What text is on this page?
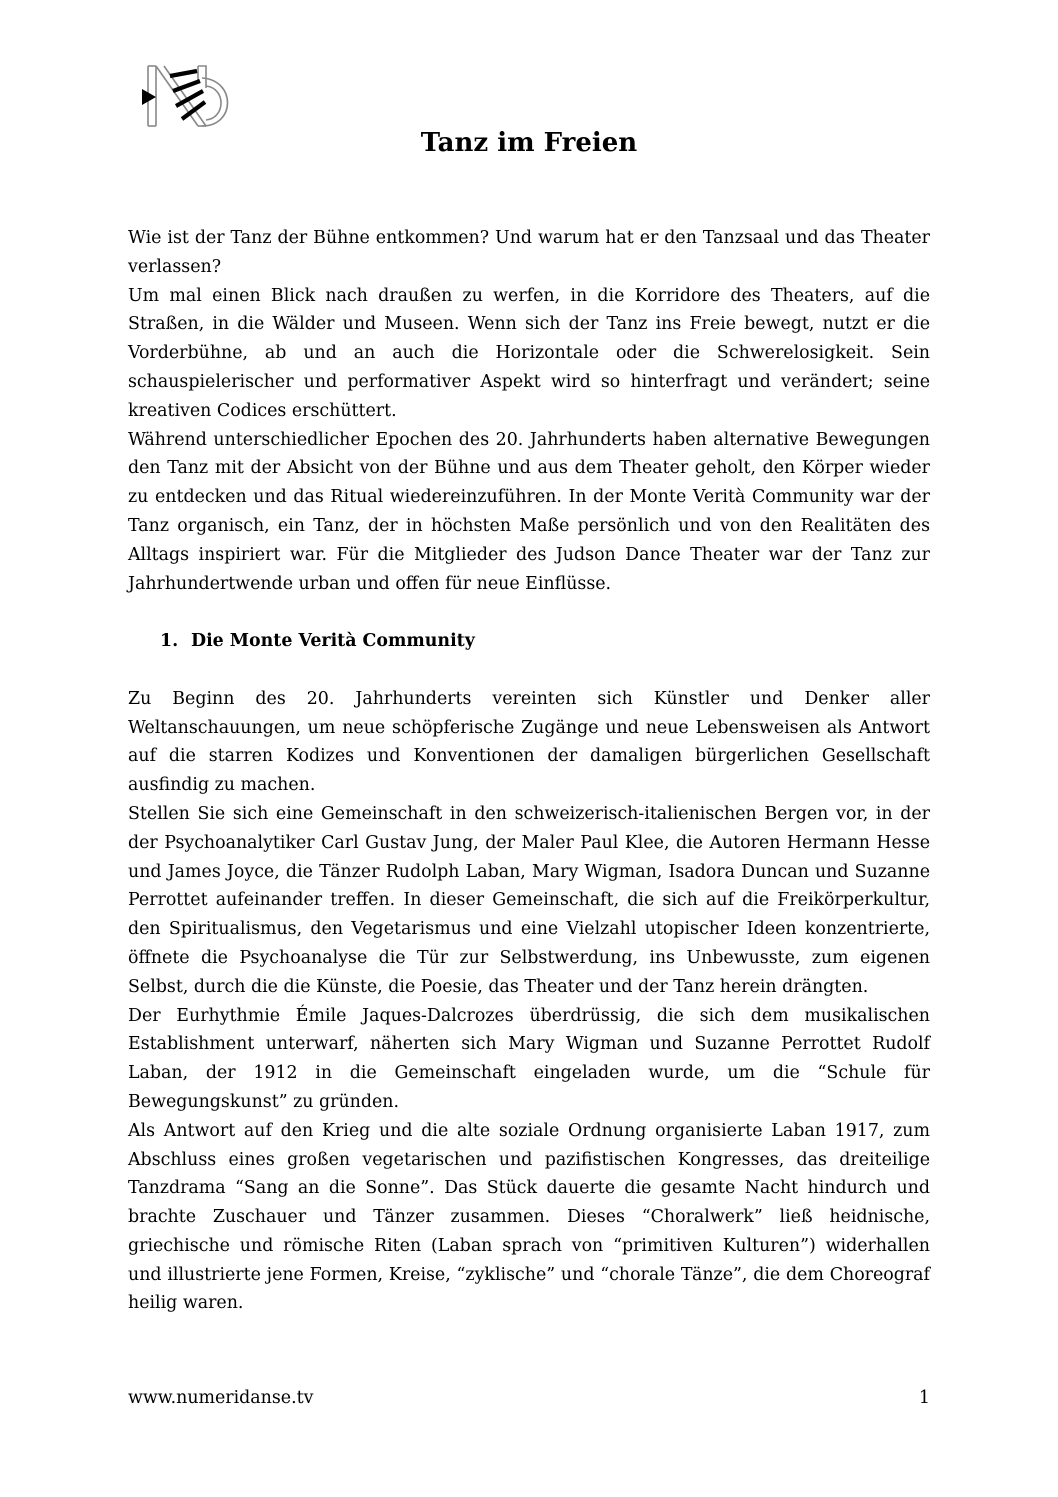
Tanz im Freien

Wie ist der Tanz der Bühne entkommen? Und warum hat er den Tanzsaal und das Theater verlassen?

Um mal einen Blick nach draußen zu werfen, in die Korridore des Theaters, auf die Straßen, in die Wälder und Museen. Wenn sich der Tanz ins Freie bewegt, nutzt er die Vorderbühne, ab und an auch die Horizontale oder die Schwerelosigkeit. Sein schauspielerischer und performativer Aspekt wird so hinterfragt und verändert; seine kreativen Codices erschüttert.

Während unterschiedlicher Epochen des 20. Jahrhunderts haben alternative Bewegungen den Tanz mit der Absicht von der Bühne und aus dem Theater geholt, den Körper wieder zu entdecken und das Ritual wiedereinzuführen. In der Monte Verità Community war der Tanz organisch, ein Tanz, der in höchsten Maße persönlich und von den Realitäten des Alltags inspiriert war. Für die Mitglieder des Judson Dance Theater war der Tanz zur Jahrhundertwende urban und offen für neue Einflüsse.

1. Die Monte Verità Community

Zu Beginn des 20. Jahrhunderts vereinten sich Künstler und Denker aller Weltanschauungen, um neue schöpferische Zugänge und neue Lebensweisen als Antwort auf die starren Kodizes und Konventionen der damaligen bürgerlichen Gesellschaft ausfindig zu machen.

Stellen Sie sich eine Gemeinschaft in den schweizerisch-italienischen Bergen vor, in der der Psychoanalytiker Carl Gustav Jung, der Maler Paul Klee, die Autoren Hermann Hesse und James Joyce, die Tänzer Rudolph Laban, Mary Wigman, Isadora Duncan und Suzanne Perrottet aufeinander treffen. In dieser Gemeinschaft, die sich auf die Freikörperkultur, den Spiritualismus, den Vegetarismus und eine Vielzahl utopischer Ideen konzentrierte, öffnete die Psychoanalyse die Tür zur Selbstwerdung, ins Unbewusste, zum eigenen Selbst, durch die die Künste, die Poesie, das Theater und der Tanz herein drängten.

Der Eurhythmie Émile Jaques-Dalcrozes überdrüssig, die sich dem musikalischen Establishment unterwarf, näherten sich Mary Wigman und Suzanne Perrottet Rudolf Laban, der 1912 in die Gemeinschaft eingeladen wurde, um die “Schule für Bewegungskunst” zu gründen.

Als Antwort auf den Krieg und die alte soziale Ordnung organisierte Laban 1917, zum Abschluss eines großen vegetarischen und pazifistischen Kongresses, das dreiteilige Tanzdrama “Sang an die Sonne”. Das Stück dauerte die gesamte Nacht hindurch und brachte Zuschauer und Tänzer zusammen. Dieses “Choralwerk” ließ heidnische, griechische und römische Riten (Laban sprach von “primitiven Kulturen”) widerhallen und illustrierte jene Formen, Kreise, “zyklische” und “chorale Tänze”, die dem Choreograf heilig waren.

www.numeridanse.tv	1
